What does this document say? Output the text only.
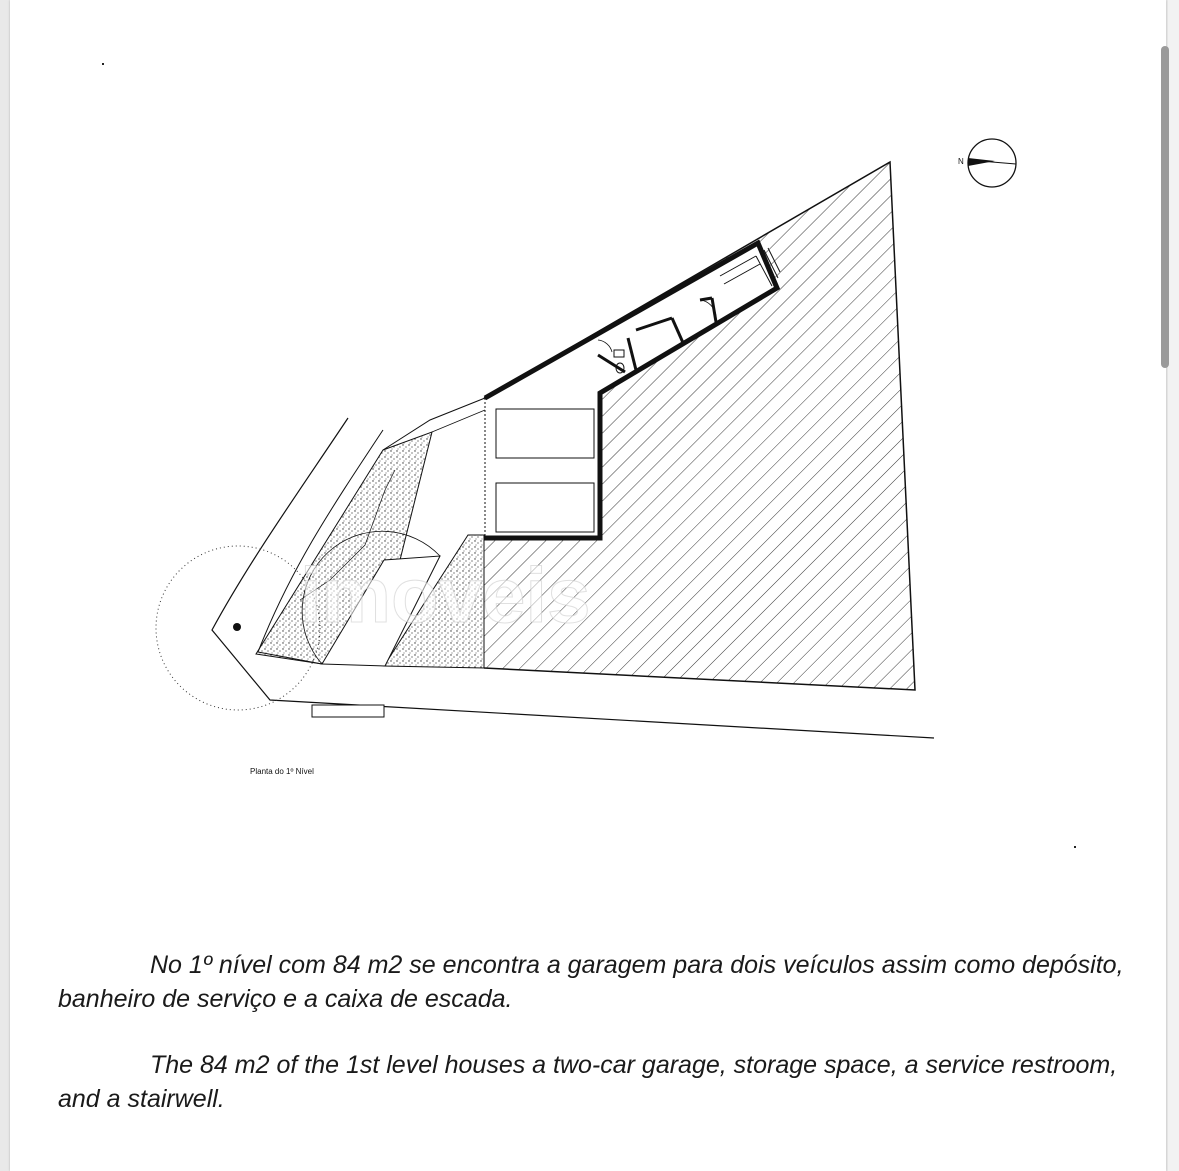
N
imoveis
Planta do 1º Nível

No 1º nível com 84 m2 se encontra a garagem para dois veículos assim como depósito, banheiro de serviço e a caixa de escada.

The 84 m2 of the 1st level houses a two-car garage, storage space, a service restroom, and a stairwell.
